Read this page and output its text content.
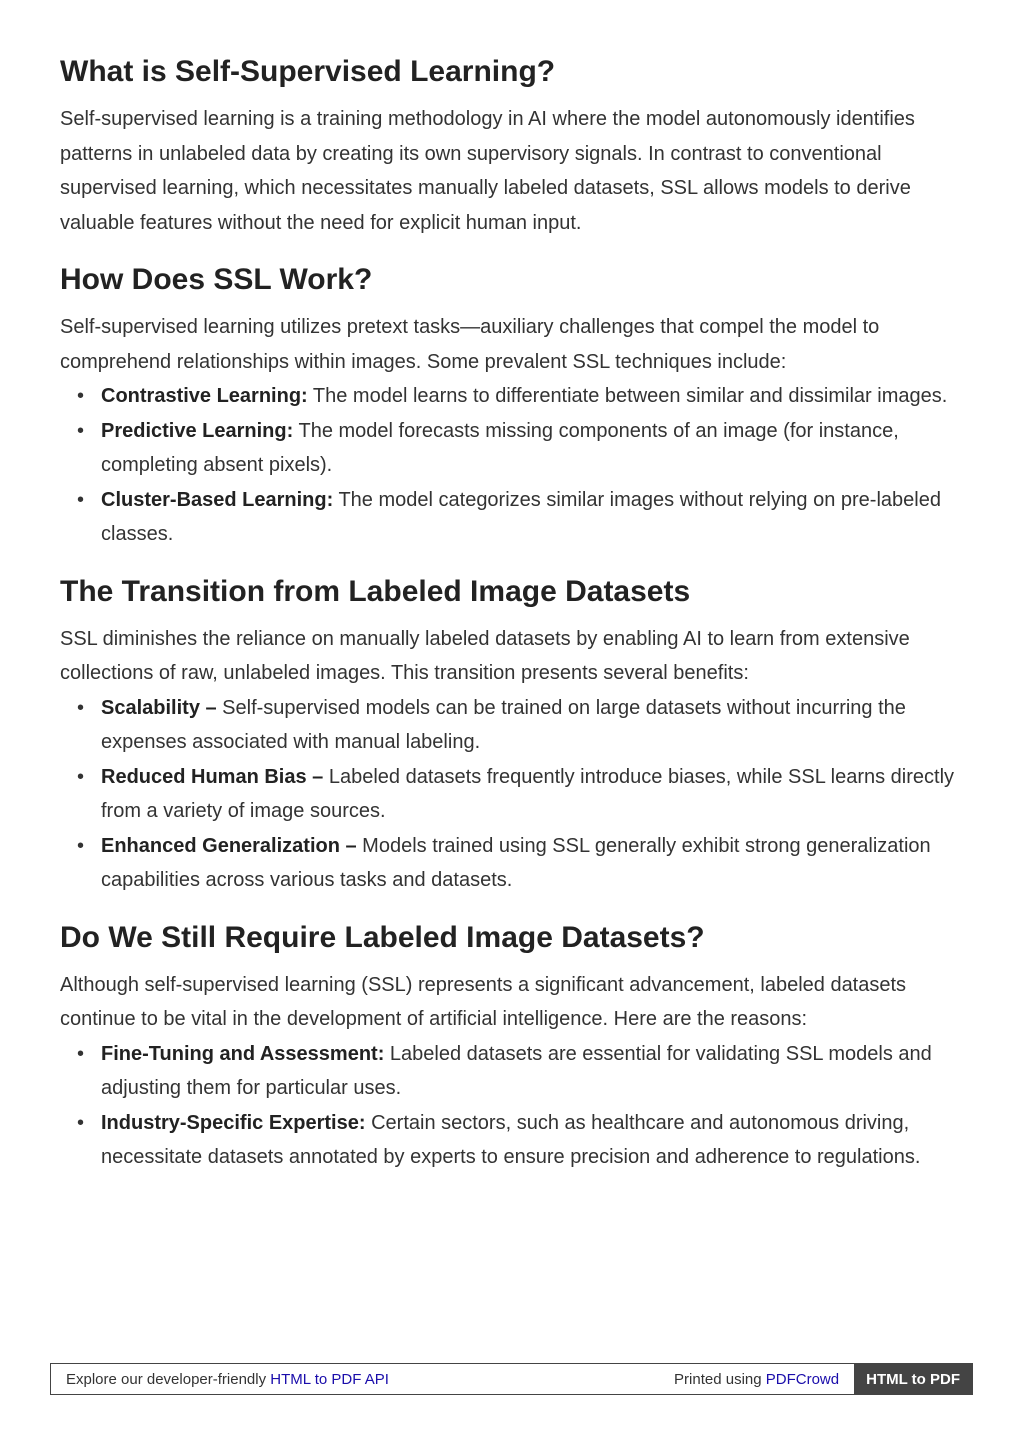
What is Self-Supervised Learning?

Self-supervised learning is a training methodology in AI where the model autonomously identifies patterns in unlabeled data by creating its own supervisory signals. In contrast to conventional supervised learning, which necessitates manually labeled datasets, SSL allows models to derive valuable features without the need for explicit human input.

How Does SSL Work?

Self-supervised learning utilizes pretext tasks—auxiliary challenges that compel the model to comprehend relationships within images. Some prevalent SSL techniques include:

• Contrastive Learning: The model learns to differentiate between similar and dissimilar images.
• Predictive Learning: The model forecasts missing components of an image (for instance, completing absent pixels).
• Cluster-Based Learning: The model categorizes similar images without relying on pre-labeled classes.
The Transition from Labeled Image Datasets

SSL diminishes the reliance on manually labeled datasets by enabling AI to learn from extensive collections of raw, unlabeled images. This transition presents several benefits:

• Scalability – Self-supervised models can be trained on large datasets without incurring the expenses associated with manual labeling.
• Reduced Human Bias – Labeled datasets frequently introduce biases, while SSL learns directly from a variety of image sources.
• Enhanced Generalization – Models trained using SSL generally exhibit strong generalization capabilities across various tasks and datasets.
Do We Still Require Labeled Image Datasets?

Although self-supervised learning (SSL) represents a significant advancement, labeled datasets continue to be vital in the development of artificial intelligence. Here are the reasons:

• Fine-Tuning and Assessment: Labeled datasets are essential for validating SSL models and adjusting them for particular uses.
• Industry-Specific Expertise: Certain sectors, such as healthcare and autonomous driving, necessitate datasets annotated by experts to ensure precision and adherence to regulations.
Explore our developer-friendly HTML to PDF API	Printed using PDFCrowd	HTML to PDF
